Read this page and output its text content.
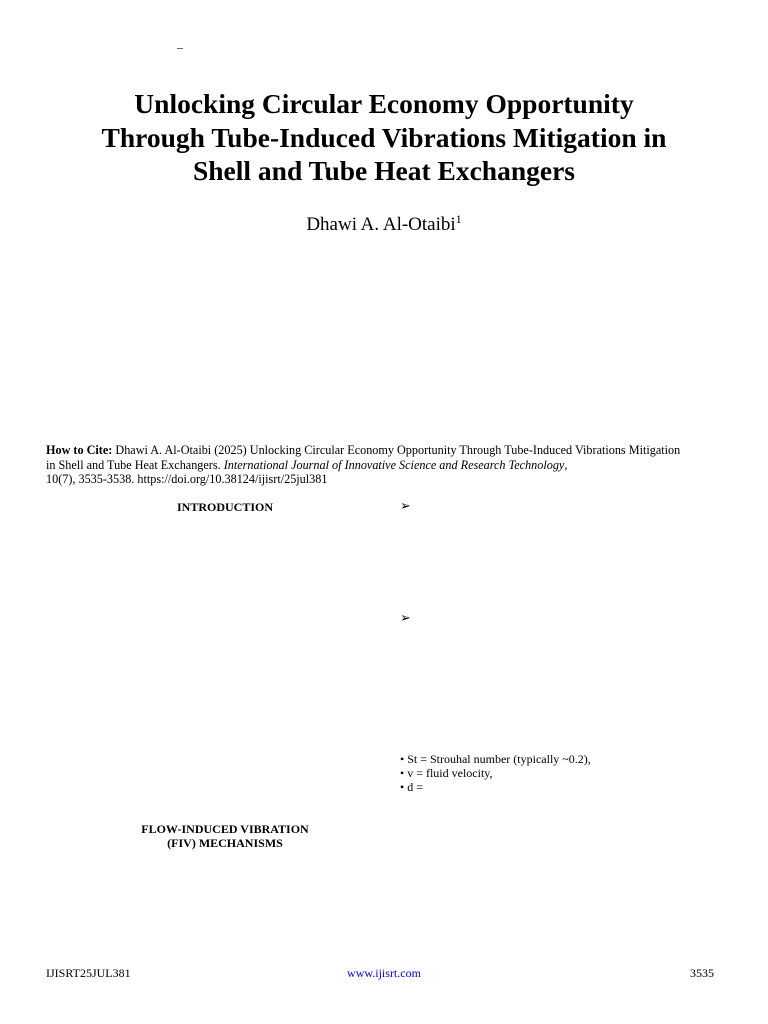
–
Unlocking Circular Economy Opportunity
Through Tube-Induced Vibrations Mitigation in
Shell and Tube Heat Exchangers
Dhawi A. Al-Otaibi$^1$
How to Cite: Dhawi A. Al-Otaibi (2025) Unlocking Circular Economy Opportunity Through Tube-Induced Vibrations Mitigation
in Shell and Tube Heat Exchangers. International Journal of Innovative Science and Research Technology,
10(7), 3535-3538. https://doi.org/10.38124/ijisrt/25jul381
INTRODUCTION
FLOW-INDUCED VIBRATION
(FIV) MECHANISMS
➢
➢
• St = Strouhal number (typically ~0.2),
• v = fluid velocity,
• d =
IJISRT25JUL381	www.ijisrt.com	3535
